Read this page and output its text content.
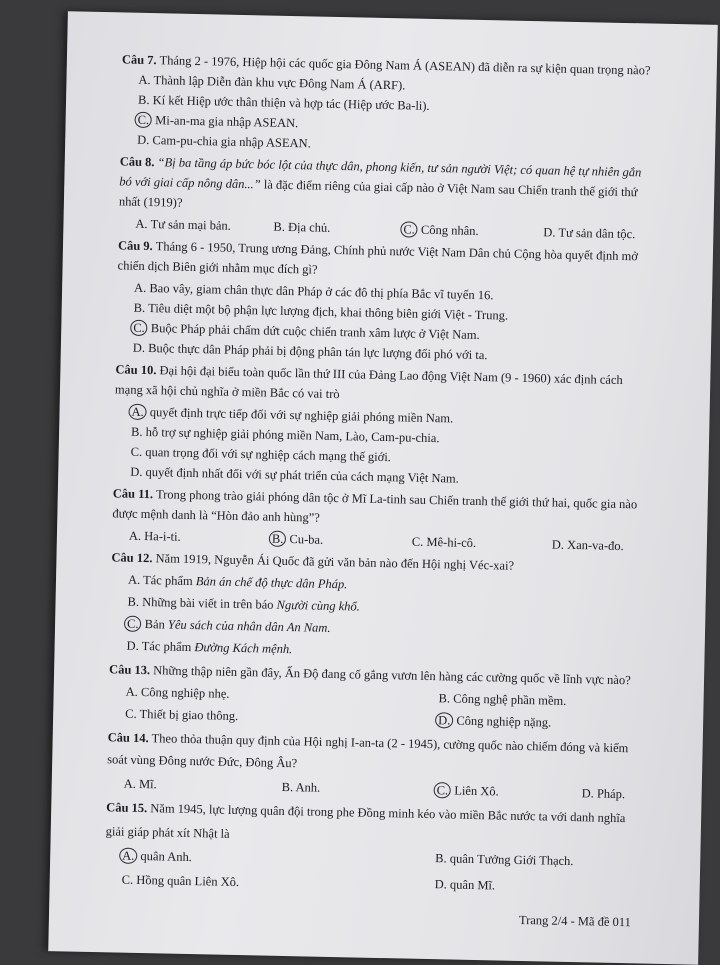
Câu 7. Tháng 2 - 1976, Hiệp hội các quốc gia Đông Nam Á (ASEAN) đã diễn ra sự kiện quan trọng nào?
A. Thành lập Diễn đàn khu vực Đông Nam Á (ARF).
B. Kí kết Hiệp ước thân thiện và hợp tác (Hiệp ước Ba-li).
C. Mi-an-ma gia nhập ASEAN.
D. Cam-pu-chia gia nhập ASEAN.
Câu 8. “Bị ba tầng áp bức bóc lột của thực dân, phong kiến, tư sản người Việt; có quan hệ tự nhiên gắn
bó với giai cấp nông dân...” là đặc điểm riêng của giai cấp nào ở Việt Nam sau Chiến tranh thế giới thứ
nhất (1919)?
A. Tư sản mại bản.	B. Địa chủ.	C. Công nhân.	D. Tư sản dân tộc.
Câu 9. Tháng 6 - 1950, Trung ương Đảng, Chính phủ nước Việt Nam Dân chủ Cộng hòa quyết định mở
chiến dịch Biên giới nhằm mục đích gì?
A. Bao vây, giam chân thực dân Pháp ở các đô thị phía Bắc vĩ tuyến 16.
B. Tiêu diệt một bộ phận lực lượng địch, khai thông biên giới Việt - Trung.
C. Buộc Pháp phải chấm dứt cuộc chiến tranh xâm lược ở Việt Nam.
D. Buộc thực dân Pháp phải bị động phân tán lực lượng đối phó với ta.
Câu 10. Đại hội đại biểu toàn quốc lần thứ III của Đảng Lao động Việt Nam (9 - 1960) xác định cách
mạng xã hội chủ nghĩa ở miền Bắc có vai trò
A. quyết định trực tiếp đối với sự nghiệp giải phóng miền Nam.
B. hỗ trợ sự nghiệp giải phóng miền Nam, Lào, Cam-pu-chia.
C. quan trọng đối với sự nghiệp cách mạng thế giới.
D. quyết định nhất đối với sự phát triển của cách mạng Việt Nam.
Câu 11. Trong phong trào giải phóng dân tộc ở Mĩ La-tinh sau Chiến tranh thế giới thứ hai, quốc gia nào
được mệnh danh là “Hòn đảo anh hùng”?
A. Ha-i-ti.	B. Cu-ba.	C. Mê-hi-cô.	D. Xan-va-đo.
Câu 12. Năm 1919, Nguyễn Ái Quốc đã gửi văn bản nào đến Hội nghị Véc-xai?
A. Tác phẩm Bản án chế độ thực dân Pháp.
B. Những bài viết in trên báo Người cùng khổ.
C. Bản Yêu sách của nhân dân An Nam.
D. Tác phẩm Đường Kách mệnh.
Câu 13. Những thập niên gần đây, Ấn Độ đang cố gắng vươn lên hàng các cường quốc về lĩnh vực nào?
A. Công nghiệp nhẹ.	B. Công nghệ phần mềm.
C. Thiết bị giao thông.	D. Công nghiệp nặng.
Câu 14. Theo thỏa thuận quy định của Hội nghị I-an-ta (2 - 1945), cường quốc nào chiếm đóng và kiểm
soát vùng Đông nước Đức, Đông Âu?
A. Mĩ.	B. Anh.	C. Liên Xô.	D. Pháp.
Câu 15. Năm 1945, lực lượng quân đội trong phe Đồng minh kéo vào miền Bắc nước ta với danh nghĩa
giải giáp phát xít Nhật là
A. quân Anh.	B. quân Tưởng Giới Thạch.
C. Hồng quân Liên Xô.	D. quân Mĩ.
Trang 2/4 - Mã đề 011
